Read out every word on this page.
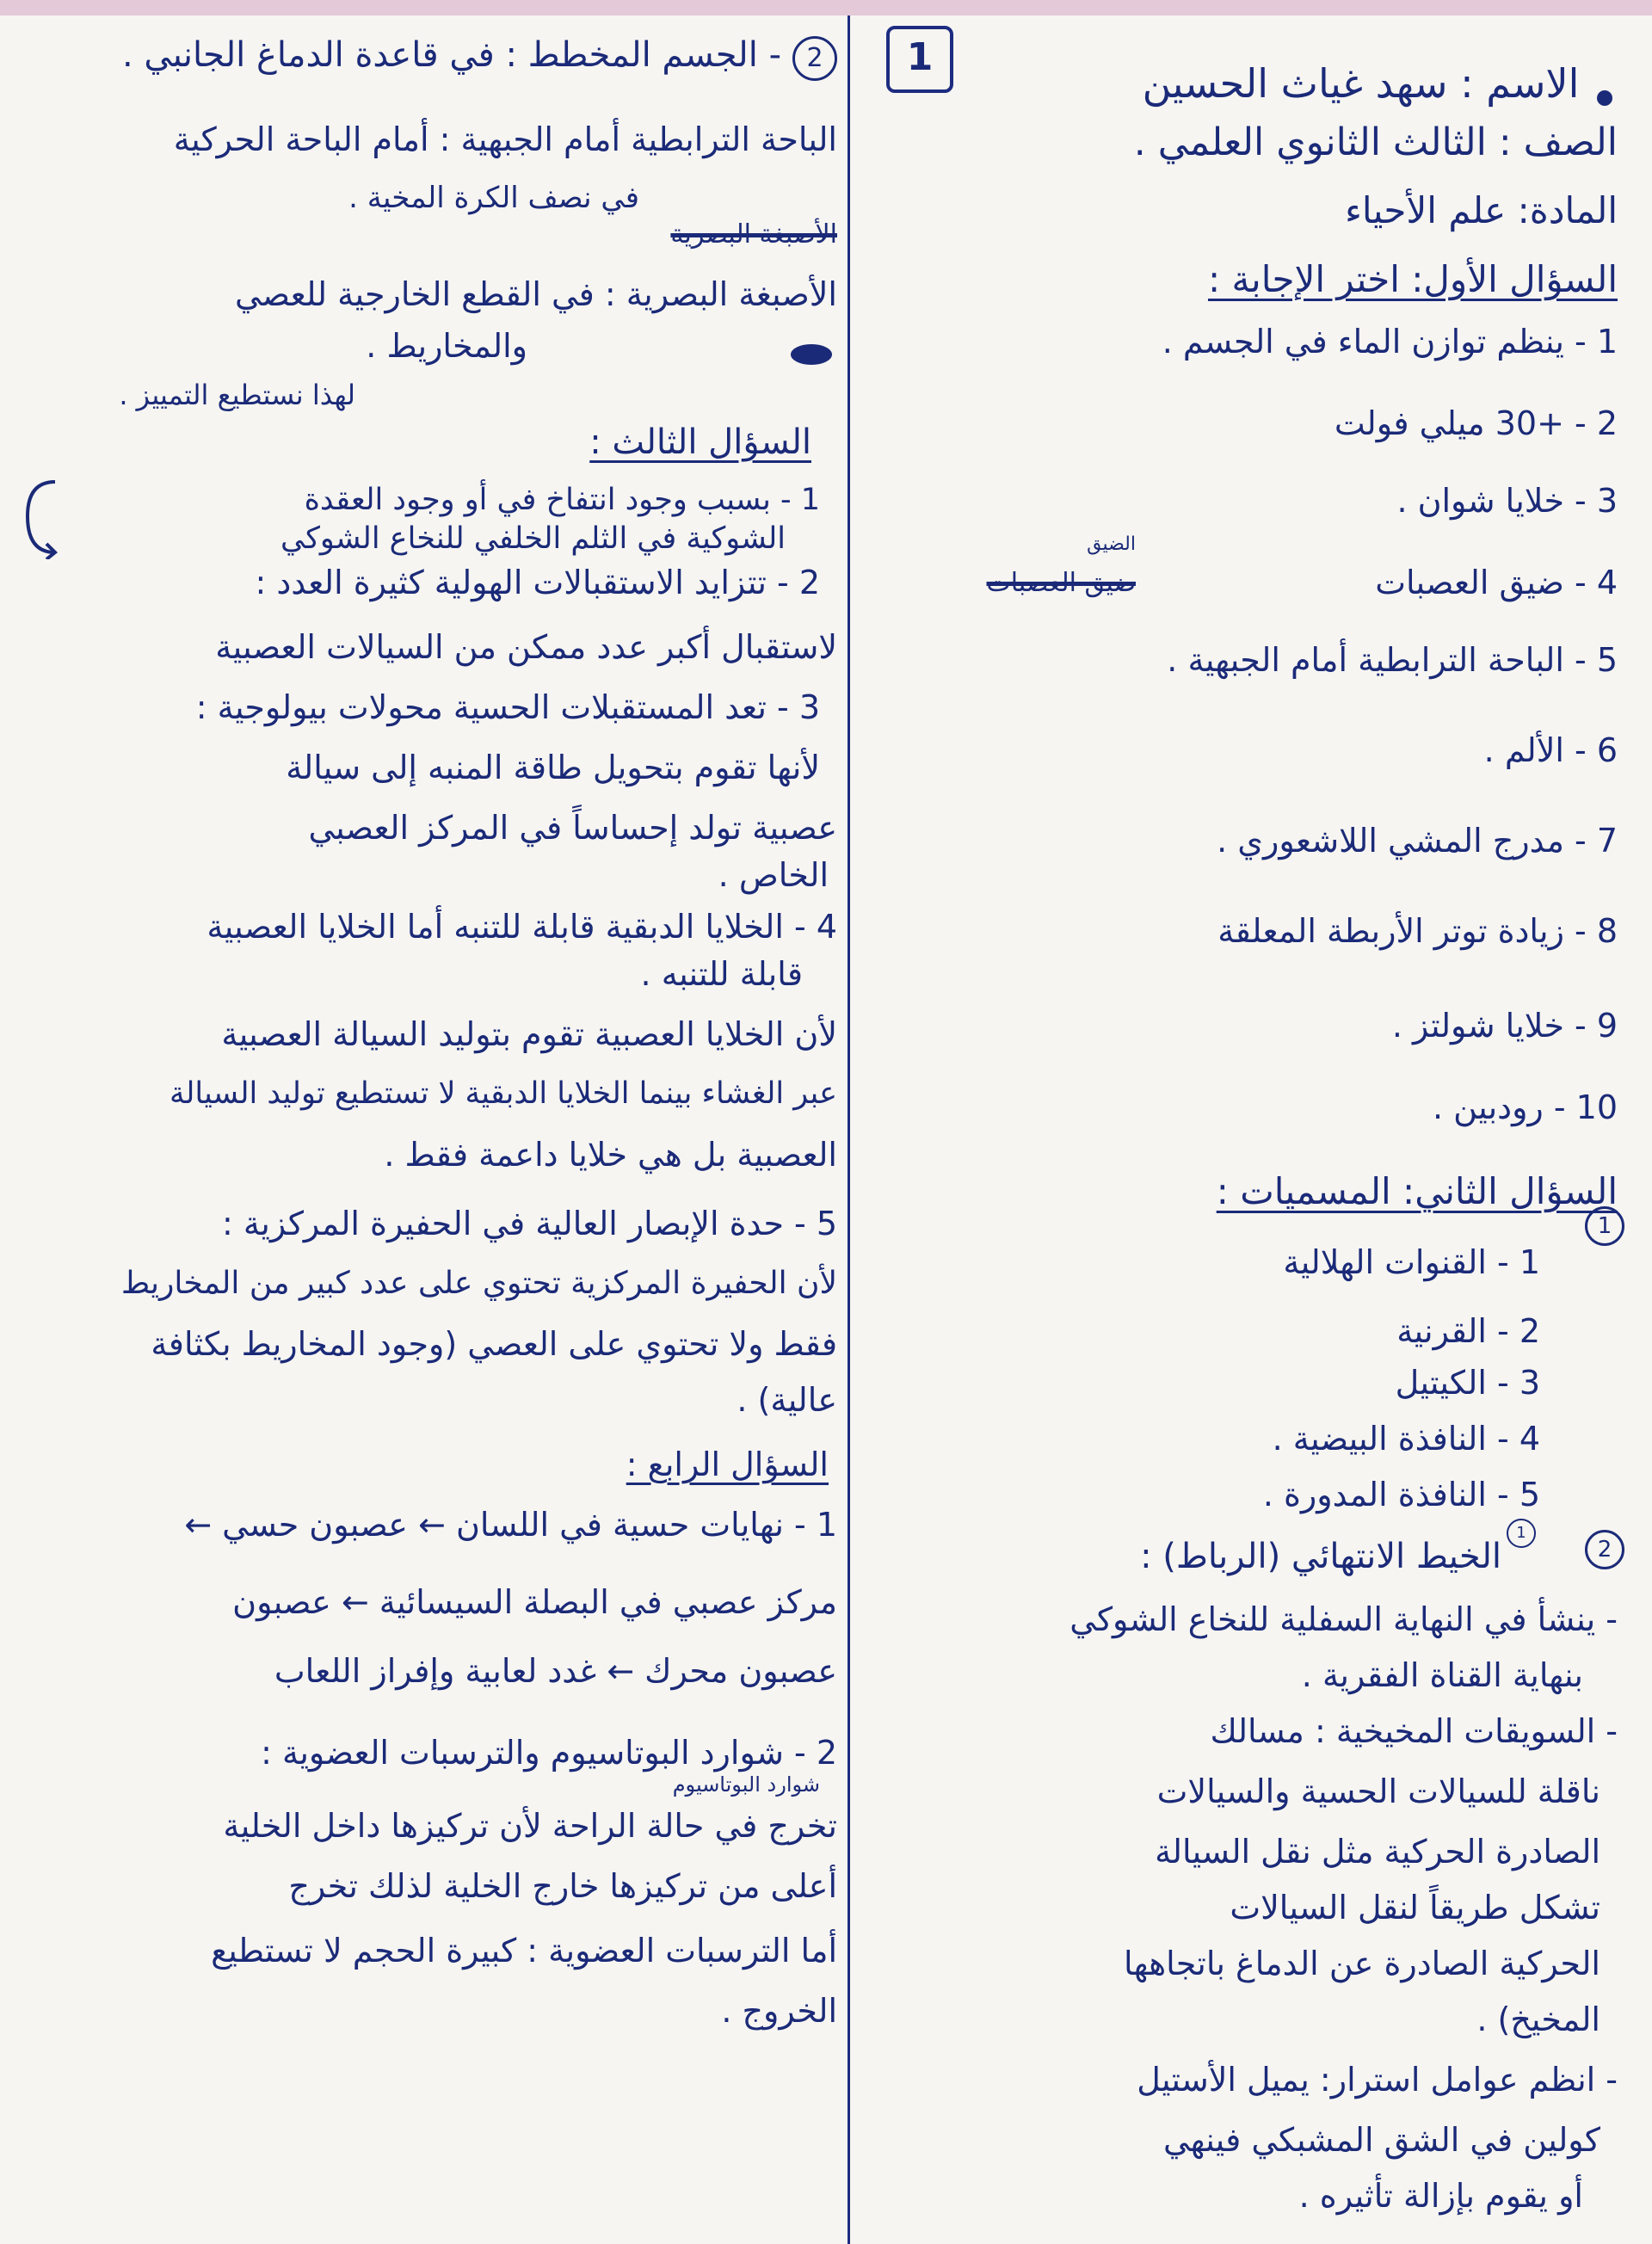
1
الاسم : سهد غياث الحسين
الصف : الثالث الثانوي العلمي .
المادة: علم الأحياء
السؤال الأول: اختر الإجابة :
1 - ينظم توازن الماء في الجسم .
2 - +30 ميلي فولت
3 - خلايا شوان .
الضيق
4 - ضيق العصبات
ضيق العصبات
5 - الباحة الترابطية أمام الجبهية .
6 - الألم .
7 - مدرج المشي اللاشعوري .
8 - زيادة توتر الأربطة المعلقة
9 - خلايا شولتز .
10 - رودبين .
السؤال الثاني: المسميات :
1
1 - القنوات الهلالية
2 - القرنية
3 - الكيتيل
4 - النافذة البيضية .
5 - النافذة المدورة .
2
1
الخيط الانتهائي (الرباط) :
- ينشأ في النهاية السفلية للنخاع الشوكي
بنهاية القناة الفقرية .
- السويقات المخيخية : مسالك
ناقلة للسيالات الحسية والسيالات
الصادرة الحركية مثل نقل السيالة
تشكل طريقاً لنقل السيالات
الحركية الصادرة عن الدماغ باتجاهها
المخيخ) .
- انظم عوامل استرار: يميل الأستيل
كولين في الشق المشبكي فينهي
أو يقوم بإزالة تأثيره .
2
- الجسم المخطط : في قاعدة الدماغ الجانبي .
الباحة الترابطية أمام الجبهية : أمام الباحة الحركية
في نصف الكرة المخية .
الأصبغة البصرية
الأصبغة البصرية : في القطع الخارجية للعصي
والمخاريط .
لهذا نستطيع التمييز .
السؤال الثالث :
1 - بسبب وجود انتفاخ في أو وجود العقدة
الشوكية في الثلم الخلفي للنخاع الشوكي
2 - تتزايد الاستقبالات الهولية كثيرة العدد :
لاستقبال أكبر عدد ممكن من السيالات العصبية
3 - تعد المستقبلات الحسية محولات بيولوجية :
لأنها تقوم بتحويل طاقة المنبه إلى سيالة
عصبية تولد إحساساً في المركز العصبي
الخاص .
4 - الخلايا الدبقية قابلة للتنبه أما الخلايا العصبية
قابلة للتنبه .
لأن الخلايا العصبية تقوم بتوليد السيالة العصبية
عبر الغشاء بينما الخلايا الدبقية لا تستطيع توليد السيالة
العصبية بل هي خلايا داعمة فقط .
5 - حدة الإبصار العالية في الحفيرة المركزية :
لأن الحفيرة المركزية تحتوي على عدد كبير من المخاريط
فقط ولا تحتوي على العصي (وجود المخاريط بكثافة
عالية) .
السؤال الرابع :
1 - نهايات حسية في اللسان ← عصبون حسي ←
مركز عصبي في البصلة السيسائية ← عصبون
عصبون محرك ← غدد لعابية وإفراز اللعاب
2 - شوارد البوتاسيوم والترسبات العضوية :
شوارد البوتاسيوم
تخرج في حالة الراحة لأن تركيزها داخل الخلية
أعلى من تركيزها خارج الخلية لذلك تخرج
أما الترسبات العضوية : كبيرة الحجم لا تستطيع
الخروج .
